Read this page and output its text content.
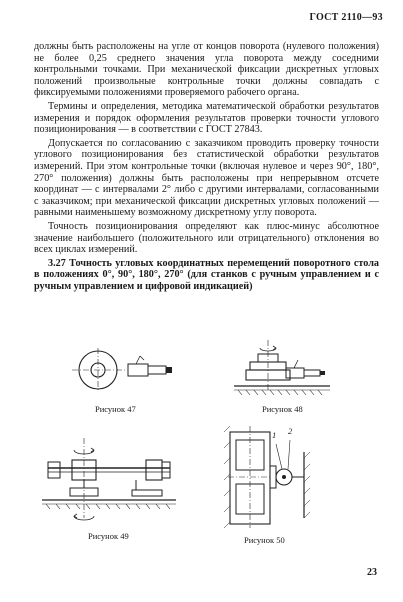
ГОСТ 2110—93

должны быть расположены на угле от концов поворота (нулевого положения) не более 0,25 среднего значения угла поворота между соседними контрольными точками. При механической фиксации дискретных угловых положений произвольные контрольные точки должны совпадать с фиксируемыми положениями проверяемого рабочего органа.

Термины и определения, методика математической обработки результатов измерения и порядок оформления результатов проверки точности углового позиционирования — в соответствии с ГОСТ 27843.

Допускается по согласованию с заказчиком проводить проверку точности углового позиционирования без статистической обработки результатов измерений. При этом контрольные точки (включая нулевое и через 90°, 180°, 270° положения) должны быть расположены при непрерывном отсчете координат — с интервалами 2° либо с другими интервалами, согласованными с заказчиком; при механической фиксации дискретных угловых положений — равными наименьшему возможному дискретному углу поворота.

Точность позиционирования определяют как плюс-минус абсолютное значение наибольшего (положительного или отрицательного) отклонения во всех циклах измерений.

3.27 Точность угловых координатных перемещений поворотного стола в положениях 0°, 90°, 180°, 270° (для станков с ручным управлением и с ручным управлением и цифровой индикацией)

Рисунок 47	Рисунок 48
Рисунок 49
1 2
Рисунок 50
23
